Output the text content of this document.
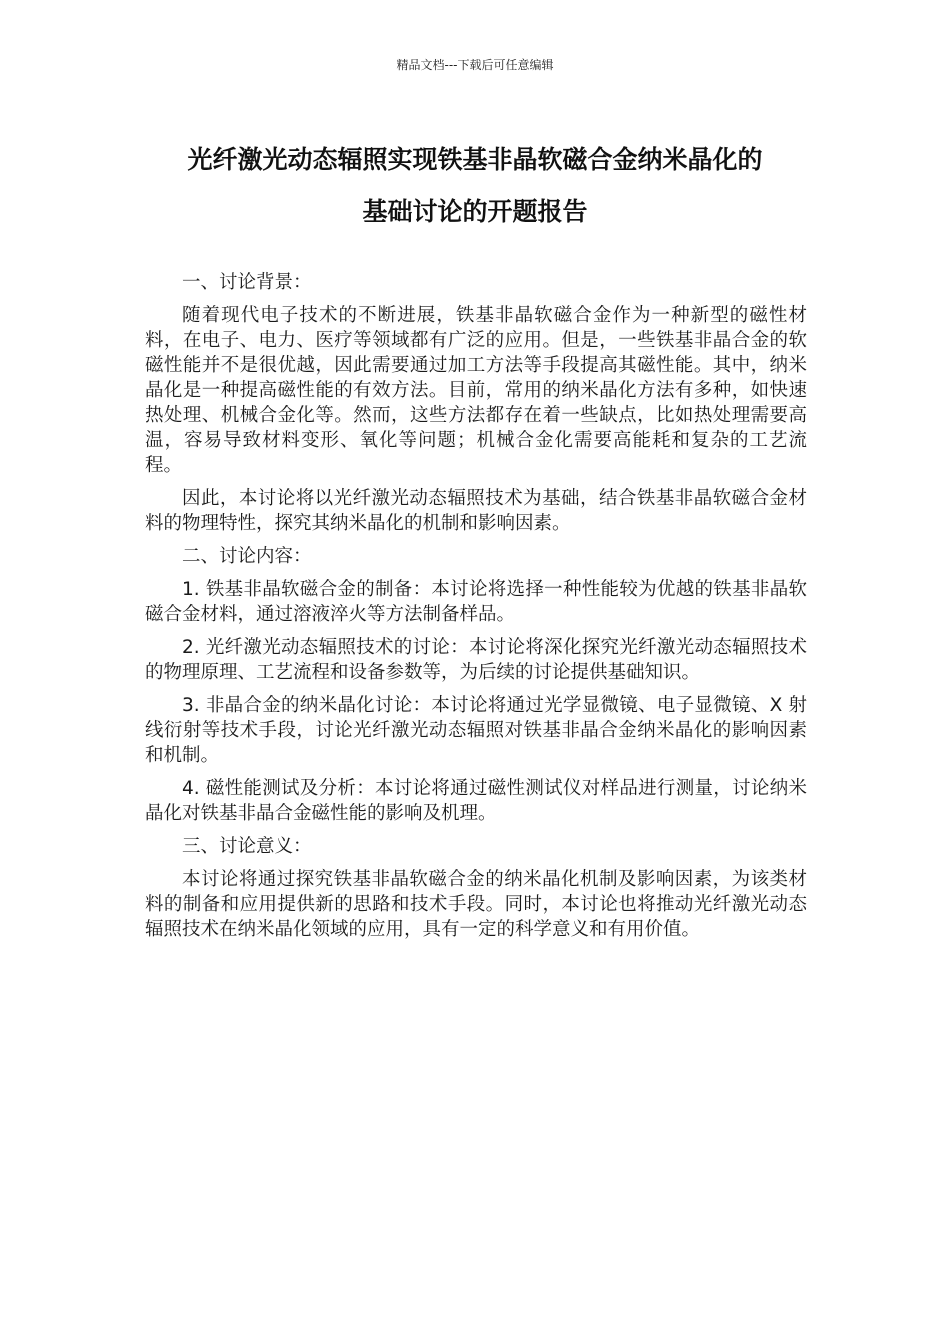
精品文档---下载后可任意编辑
光纤激光动态辐照实现铁基非晶软磁合金纳米晶化的
基础讨论的开题报告

一、讨论背景：

随着现代电子技术的不断进展，铁基非晶软磁合金作为一种新型的磁性材料，在电子、电力、医疗等领域都有广泛的应用。但是，一些铁基非晶合金的软磁性能并不是很优越，因此需要通过加工方法等手段提高其磁性能。其中，纳米晶化是一种提高磁性能的有效方法。目前，常用的纳米晶化方法有多种，如快速热处理、机械合金化等。然而，这些方法都存在着一些缺点，比如热处理需要高温，容易导致材料变形、氧化等问题；机械合金化需要高能耗和复杂的工艺流程。

因此，本讨论将以光纤激光动态辐照技术为基础，结合铁基非晶软磁合金材料的物理特性，探究其纳米晶化的机制和影响因素。

二、讨论内容：

1. 铁基非晶软磁合金的制备：本讨论将选择一种性能较为优越的铁基非晶软磁合金材料，通过溶液淬火等方法制备样品。

2. 光纤激光动态辐照技术的讨论：本讨论将深化探究光纤激光动态辐照技术的物理原理、工艺流程和设备参数等，为后续的讨论提供基础知识。

3. 非晶合金的纳米晶化讨论：本讨论将通过光学显微镜、电子显微镜、X 射线衍射等技术手段，讨论光纤激光动态辐照对铁基非晶合金纳米晶化的影响因素和机制。

4. 磁性能测试及分析：本讨论将通过磁性测试仪对样品进行测量，讨论纳米晶化对铁基非晶合金磁性能的影响及机理。

三、讨论意义：

本讨论将通过探究铁基非晶软磁合金的纳米晶化机制及影响因素，为该类材料的制备和应用提供新的思路和技术手段。同时，本讨论也将推动光纤激光动态辐照技术在纳米晶化领域的应用，具有一定的科学意义和有用价值。
